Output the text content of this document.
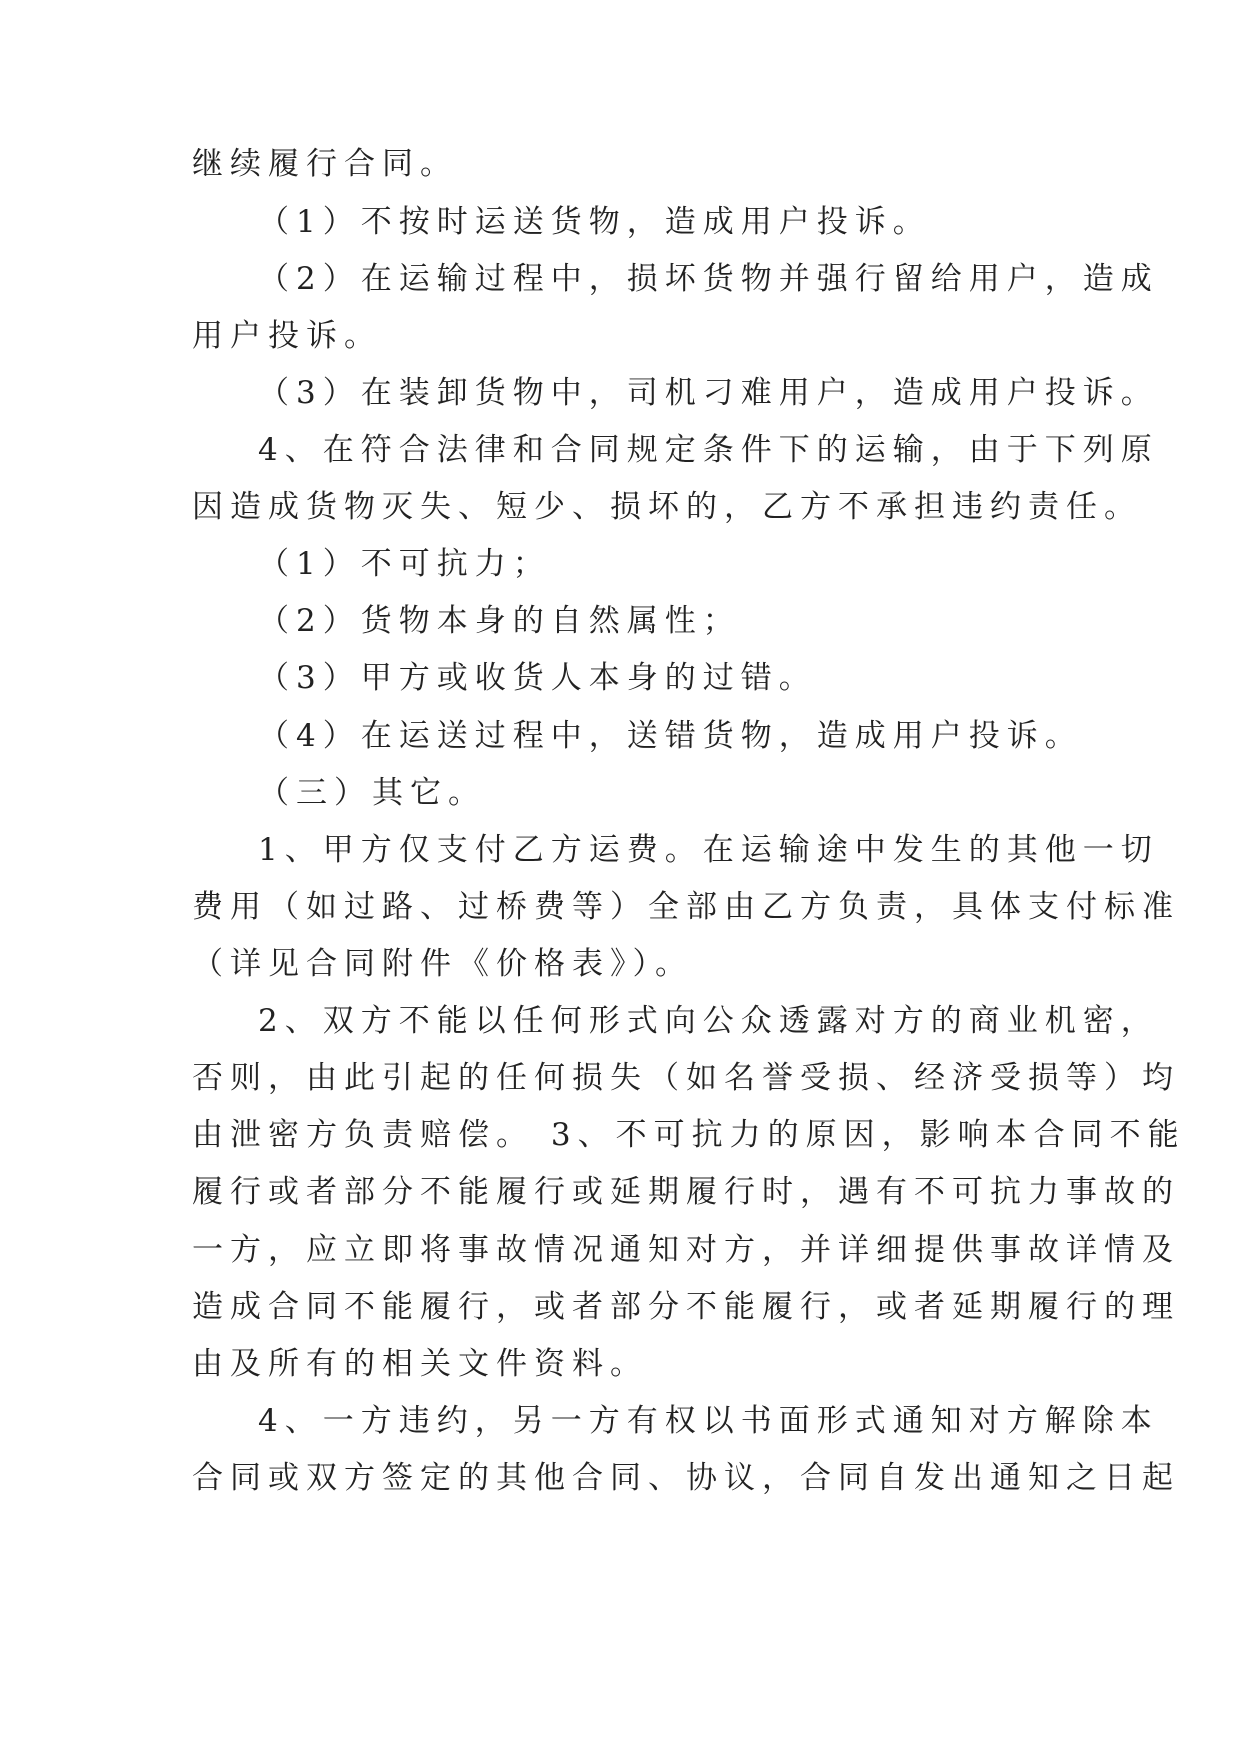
继续履行合同。
（1）不按时运送货物，造成用户投诉。
（2）在运输过程中，损坏货物并强行留给用户，造成
用户投诉。
（3）在装卸货物中，司机刁难用户，造成用户投诉。
4、在符合法律和合同规定条件下的运输，由于下列原
因造成货物灭失、短少、损坏的，乙方不承担违约责任。
（1）不可抗力；
（2）货物本身的自然属性；
（3）甲方或收货人本身的过错。
（4）在运送过程中，送错货物，造成用户投诉。
（三）其它。
1、甲方仅支付乙方运费。在运输途中发生的其他一切
费用（如过路、过桥费等）全部由乙方负责，具体支付标准
（详见合同附件《价格表》）。
2、双方不能以任何形式向公众透露对方的商业机密，
否则，由此引起的任何损失（如名誉受损、经济受损等）均
由泄密方负责赔偿。 3、不可抗力的原因，影响本合同不能
履行或者部分不能履行或延期履行时，遇有不可抗力事故的
一方，应立即将事故情况通知对方，并详细提供事故详情及
造成合同不能履行，或者部分不能履行，或者延期履行的理
由及所有的相关文件资料。
4、一方违约，另一方有权以书面形式通知对方解除本
合同或双方签定的其他合同、协议，合同自发出通知之日起
